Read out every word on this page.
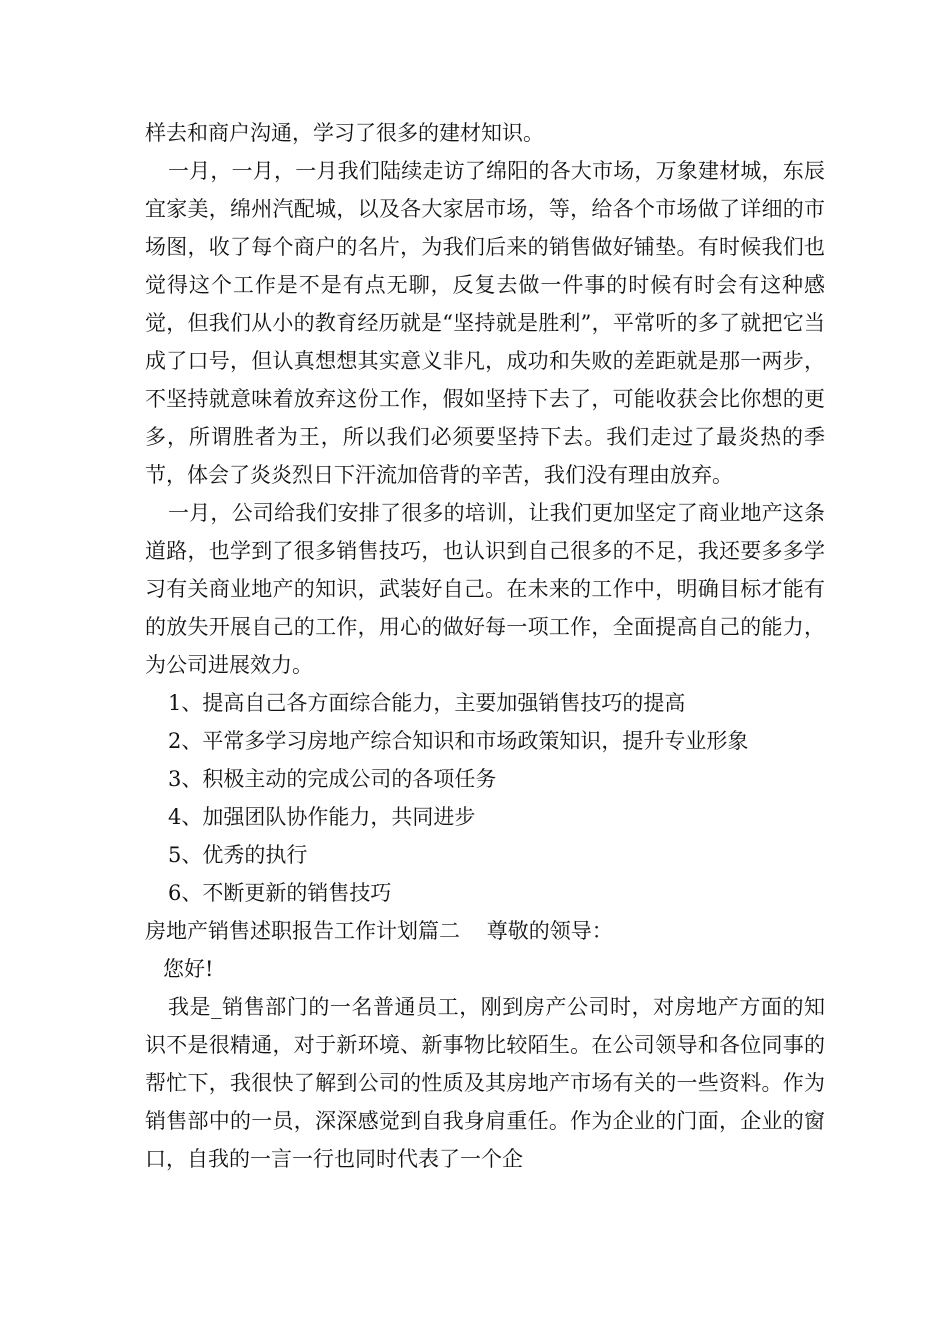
样去和商户沟通，学习了很多的建材知识。

一月，一月，一月我们陆续走访了绵阳的各大市场，万象建材城，东辰宜家美，绵州汽配城，以及各大家居市场，等，给各个市场做了详细的市场图，收了每个商户的名片，为我们后来的销售做好铺垫。有时候我们也觉得这个工作是不是有点无聊，反复去做一件事的时候有时会有这种感觉，但我们从小的教育经历就是“坚持就是胜利”，平常听的多了就把它当成了口号，但认真想想其实意义非凡，成功和失败的差距就是那一两步，不坚持就意味着放弃这份工作，假如坚持下去了，可能收获会比你想的更多，所谓胜者为王，所以我们必须要坚持下去。我们走过了最炎热的季节，体会了炎炎烈日下汗流加倍背的辛苦，我们没有理由放弃。

一月，公司给我们安排了很多的培训，让我们更加坚定了商业地产这条道路，也学到了很多销售技巧，也认识到自己很多的不足，我还要多多学习有关商业地产的知识，武装好自己。在未来的工作中，明确目标才能有的放失开展自己的工作，用心的做好每一项工作，全面提高自己的能力，为公司进展效力。

1、提高自己各方面综合能力，主要加强销售技巧的提高
2、平常多学习房地产综合知识和市场政策知识，提升专业形象
3、积极主动的完成公司的各项任务
4、加强团队协作能力，共同进步
5、优秀的执行
6、不断更新的销售技巧

房地产销售述职报告工作计划篇二 尊敬的领导：

您好!

我是_销售部门的一名普通员工，刚到房产公司时，对房地产方面的知识不是很精通，对于新环境、新事物比较陌生。在公司领导和各位同事的帮忙下，我很快了解到公司的性质及其房地产市场有关的一些资料。作为销售部中的一员，深深感觉到自我身肩重任。作为企业的门面，企业的窗口，自我的一言一行也同时代表了一个企
